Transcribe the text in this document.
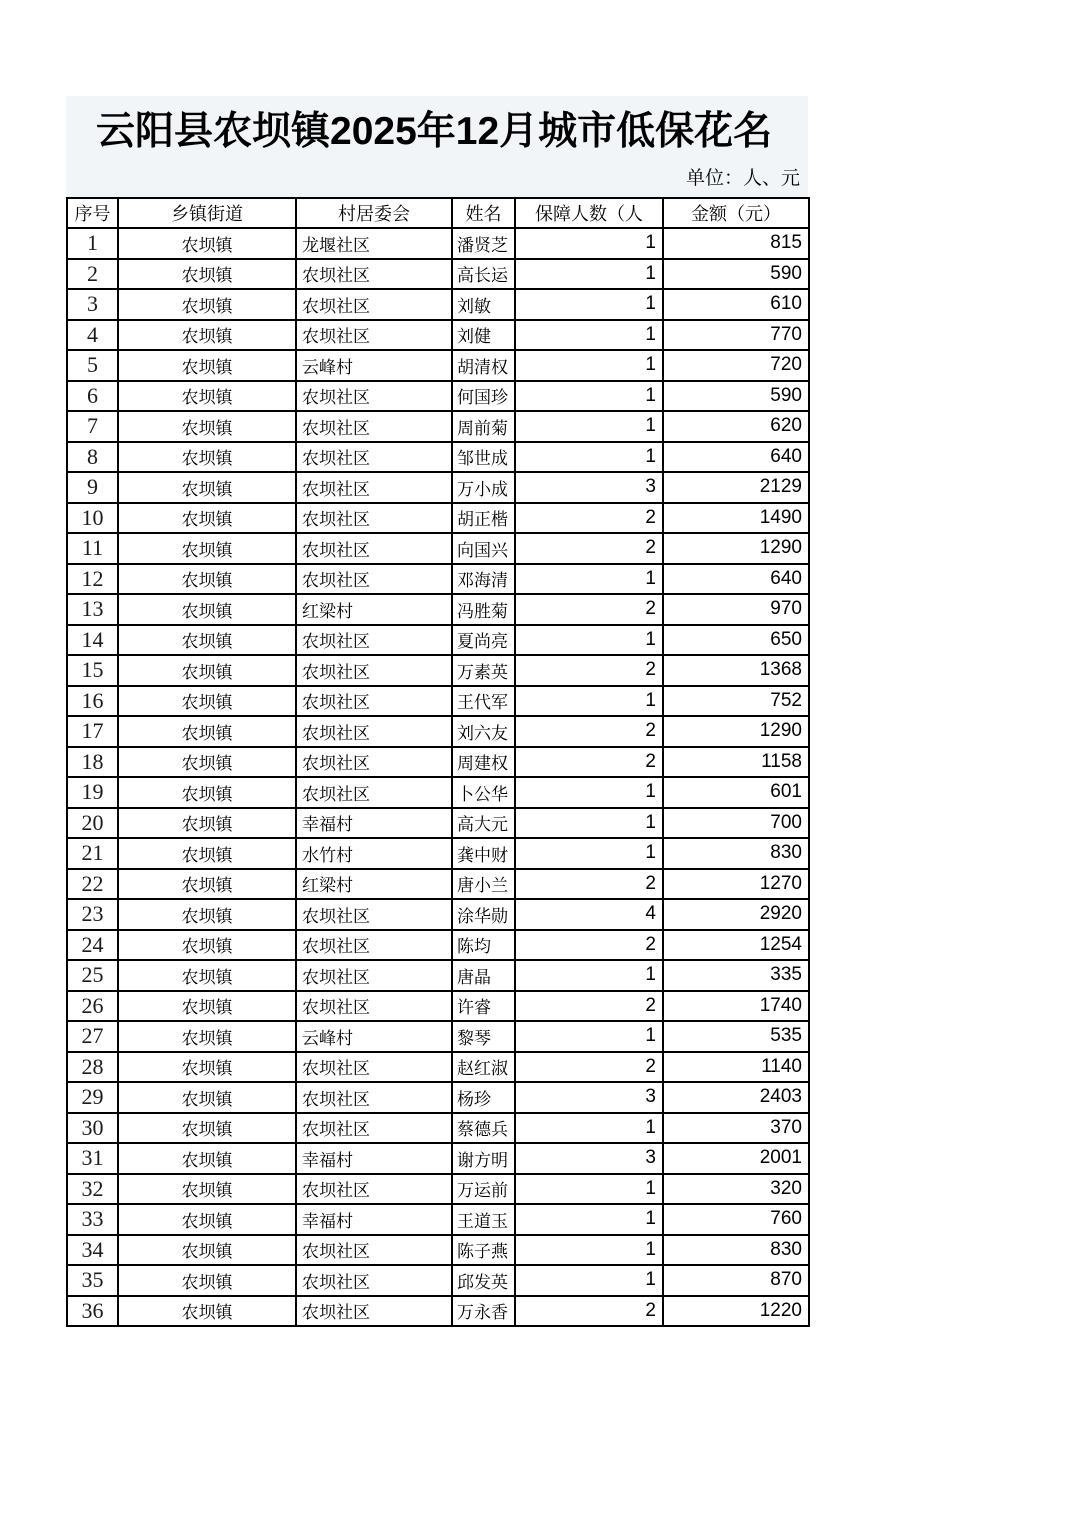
云阳县农坝镇2025年12月城市低保花名
单位：人、元
序号	乡镇街道	村居委会	姓名	保障人数（人	金额（元）
1	农坝镇	龙堰社区	潘贤芝	1	815
2	农坝镇	农坝社区	高长运	1	590
3	农坝镇	农坝社区	刘敏	1	610
4	农坝镇	农坝社区	刘健	1	770
5	农坝镇	云峰村	胡清权	1	720
6	农坝镇	农坝社区	何国珍	1	590
7	农坝镇	农坝社区	周前菊	1	620
8	农坝镇	农坝社区	邹世成	1	640
9	农坝镇	农坝社区	万小成	3	2129
10	农坝镇	农坝社区	胡正楷	2	1490
11	农坝镇	农坝社区	向国兴	2	1290
12	农坝镇	农坝社区	邓海清	1	640
13	农坝镇	红梁村	冯胜菊	2	970
14	农坝镇	农坝社区	夏尚亮	1	650
15	农坝镇	农坝社区	万素英	2	1368
16	农坝镇	农坝社区	王代军	1	752
17	农坝镇	农坝社区	刘六友	2	1290
18	农坝镇	农坝社区	周建权	2	1158
19	农坝镇	农坝社区	卜公华	1	601
20	农坝镇	幸福村	高大元	1	700
21	农坝镇	水竹村	龚中财	1	830
22	农坝镇	红梁村	唐小兰	2	1270
23	农坝镇	农坝社区	涂华勋	4	2920
24	农坝镇	农坝社区	陈均	2	1254
25	农坝镇	农坝社区	唐晶	1	335
26	农坝镇	农坝社区	许睿	2	1740
27	农坝镇	云峰村	黎琴	1	535
28	农坝镇	农坝社区	赵红淑	2	1140
29	农坝镇	农坝社区	杨珍	3	2403
30	农坝镇	农坝社区	蔡德兵	1	370
31	农坝镇	幸福村	谢方明	3	2001
32	农坝镇	农坝社区	万运前	1	320
33	农坝镇	幸福村	王道玉	1	760
34	农坝镇	农坝社区	陈子燕	1	830
35	农坝镇	农坝社区	邱发英	1	870
36	农坝镇	农坝社区	万永香	2	1220
